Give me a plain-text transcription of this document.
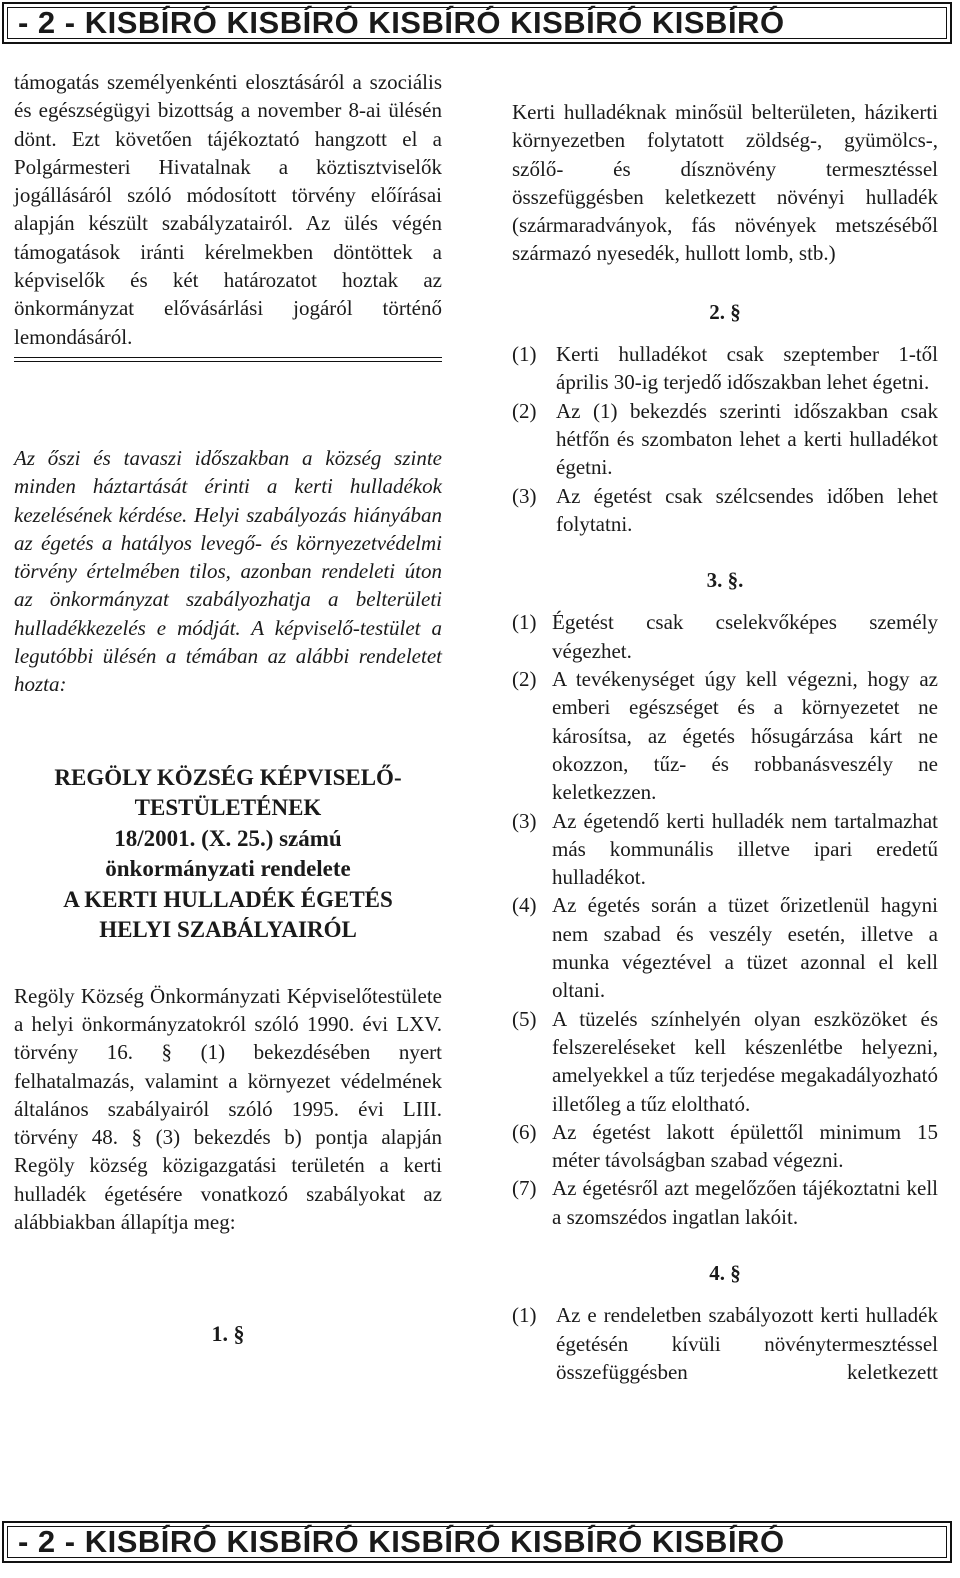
- 2 - KISBÍRÓ KISBÍRÓ KISBÍRÓ KISBÍRÓ KISBÍRÓ

támogatás személyenkénti elosztásáról a szociális és egészségügyi bizottság a november 8-ai ülésén dönt. Ezt követően tájékoztató hangzott el a Polgármesteri Hivatalnak a köztisztviselők jogállásáról szóló módosított törvény előírásai alapján készült szabályzatairól. Az ülés végén támogatások iránti kérelmekben döntöttek a képviselők és két határozatot hoztak az önkormányzat elővásárlási jogáról történő lemondásáról.

Az őszi és tavaszi időszakban a község szinte minden háztartását érinti a kerti hulladékok kezelésének kérdése. Helyi szabályozás hiányában az égetés a hatályos levegő- és környezetvédelmi törvény értelmében tilos, azonban rendeleti úton az önkormányzat szabályozhatja a belterületi hulladékkezelés e módját. A képviselő-testület a legutóbbi ülésén a témában az alábbi rendeletet hozta:

REGÖLY KÖZSÉG KÉPVISELŐ-
TESTÜLETÉNEK
18/2001. (X. 25.) számú
önkormányzati rendelete
A KERTI HULLADÉK ÉGETÉS
HELYI SZABÁLYAIRÓL

Regöly Község Önkormányzati Képviselőtestülete a helyi önkormányzatokról szóló 1990. évi LXV. törvény 16. § (1) bekezdésében nyert felhatalmazás, valamint a környezet védelmének általános szabályairól szóló 1995. évi LIII. törvény 48. § (3) bekezdés b) pontja alapján Regöly község közigazgatási területén a kerti hulladék égetésére vonatkozó szabályokat az alábbiakban állapítja meg:

1. §

Kerti hulladéknak minősül belterületen, házikerti környezetben folytatott zöldség-, gyümölcs-, szőlő- és dísznövény termesztéssel összefüggésben keletkezett növényi hulladék (szármaradványok, fás növények metszéséből származó nyesedék, hullott lomb, stb.)

2. §
(1) Kerti hulladékot csak szeptember 1-től április 30-ig terjedő időszakban lehet égetni.
(2) Az (1) bekezdés szerinti időszakban csak hétfőn és szombaton lehet a kerti hulladékot égetni.
(3) Az égetést csak szélcsendes időben lehet folytatni.
3. §.
(1) Égetést csak cselekvőképes személy végezhet.
(2) A tevékenységet úgy kell végezni, hogy az emberi egészséget és a környezetet ne károsítsa, az égetés hősugárzása kárt ne okozzon, tűz- és robbanásveszély ne keletkezzen.
(3) Az égetendő kerti hulladék nem tartalmazhat más kommunális illetve ipari eredetű hulladékot.
(4) Az égetés során a tüzet őrizetlenül hagyni nem szabad és veszély esetén, illetve a munka végeztével a tüzet azonnal el kell oltani.
(5) A tüzelés színhelyén olyan eszközöket és felszereléseket kell készenlétbe helyezni, amelyekkel a tűz terjedése megakadályozható illetőleg a tűz eloltható.
(6) Az égetést lakott épülettől minimum 15 méter távolságban szabad végezni.
(7) Az égetésről azt megelőzően tájékoztatni kell a szomszédos ingatlan lakóit.
4. §
(1) Az e rendeletben szabályozott kerti hulladék égetésén kívüli növénytermesztéssel összefüggésben keletkezett
- 2 - KISBÍRÓ KISBÍRÓ KISBÍRÓ KISBÍRÓ KISBÍRÓ
